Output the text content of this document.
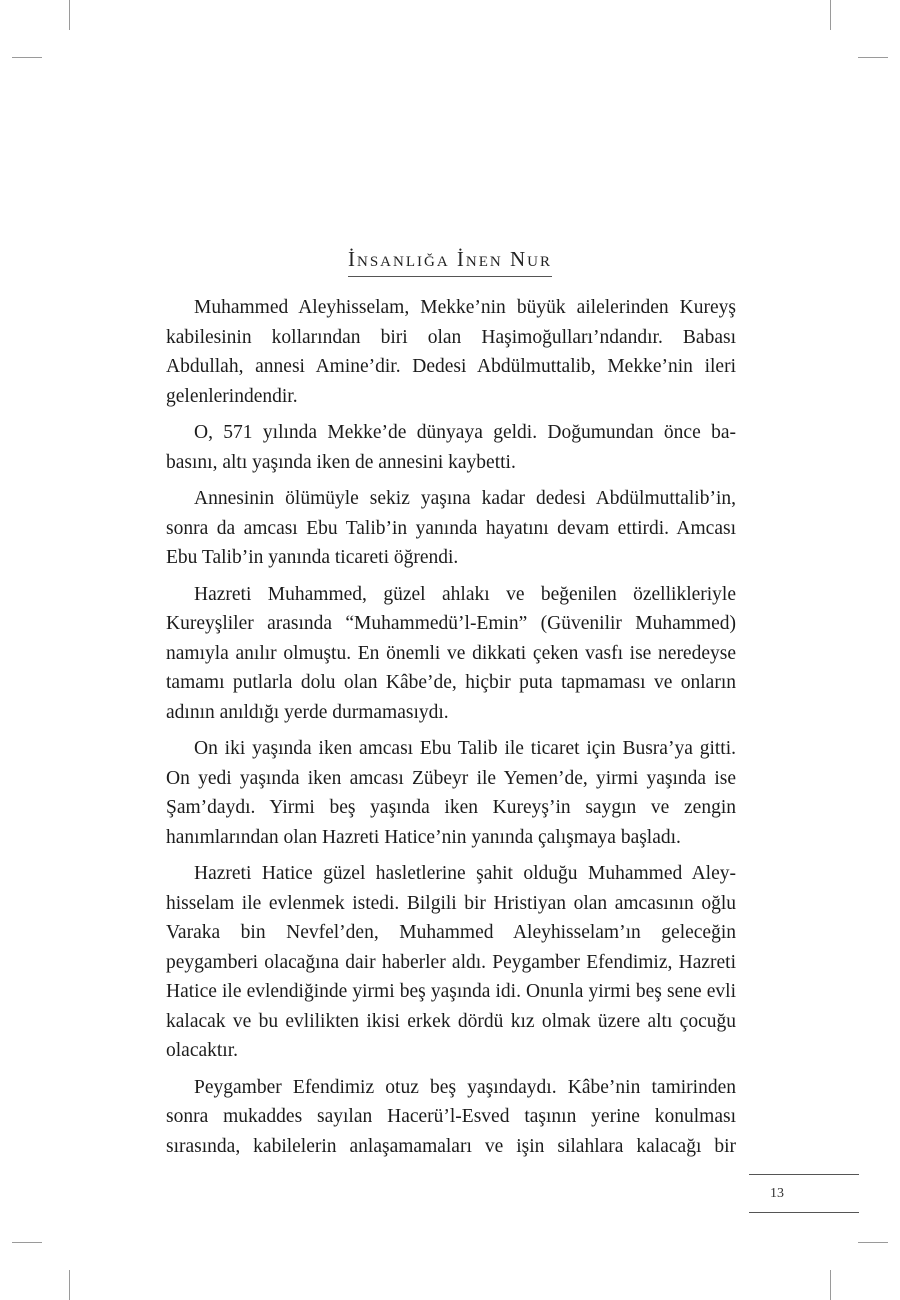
İnsanlığa İnen Nur

Muhammed Aleyhisselam, Mekke’nin büyük ailelerinden Kureyş kabilesinin kollarından biri olan Haşimoğulları’ndandır. Babası Abdullah, annesi Amine’dir. Dedesi Abdülmuttalib, Mekke’nin ileri gelenlerindendir.

O, 571 yılında Mekke’de dünyaya geldi. Doğumundan önce babasını, altı yaşında iken de annesini kaybetti.

Annesinin ölümüyle sekiz yaşına kadar dedesi Abdülmuttalib’in, sonra da amcası Ebu Talib’in yanında hayatını devam ettirdi. Amcası Ebu Talib’in yanında ticareti öğrendi.

Hazreti Muhammed, güzel ahlakı ve beğenilen özellikleriyle Kureyşliler arasında “Muhammedü’l-Emin” (Güvenilir Muhammed) namıyla anılır olmuştu. En önemli ve dikkati çeken vasfı ise neredeyse tamamı putlarla dolu olan Kâbe’de, hiçbir puta tapmaması ve onların adının anıldığı yerde durmamasıydı.

On iki yaşında iken amcası Ebu Talib ile ticaret için Busra’ya gitti. On yedi yaşında iken amcası Zübeyr ile Yemen’de, yirmi yaşında ise Şam’daydı. Yirmi beş yaşında iken Kureyş’in saygın ve zengin hanımlarından olan Hazreti Hatice’nin yanında çalışmaya başladı.

Hazreti Hatice güzel hasletlerine şahit olduğu Muhammed Aleyhisselam ile evlenmek istedi. Bilgili bir Hristiyan olan amcasının oğlu Varaka bin Nevfel’den, Muhammed Aleyhisselam’ın geleceğin peygamberi olacağına dair haberler aldı. Peygamber Efendimiz, Hazreti Hatice ile evlendiğinde yirmi beş yaşında idi. Onunla yirmi beş sene evli kalacak ve bu evlilikten ikisi erkek dördü kız olmak üzere altı çocuğu olacaktır.

Peygamber Efendimiz otuz beş yaşındaydı. Kâbe’nin tamirinden sonra mukaddes sayılan Hacerü’l-Esved taşının yerine konulması sırasında, kabilelerin anlaşamamaları ve işin silahlara kalacağı bir

13
